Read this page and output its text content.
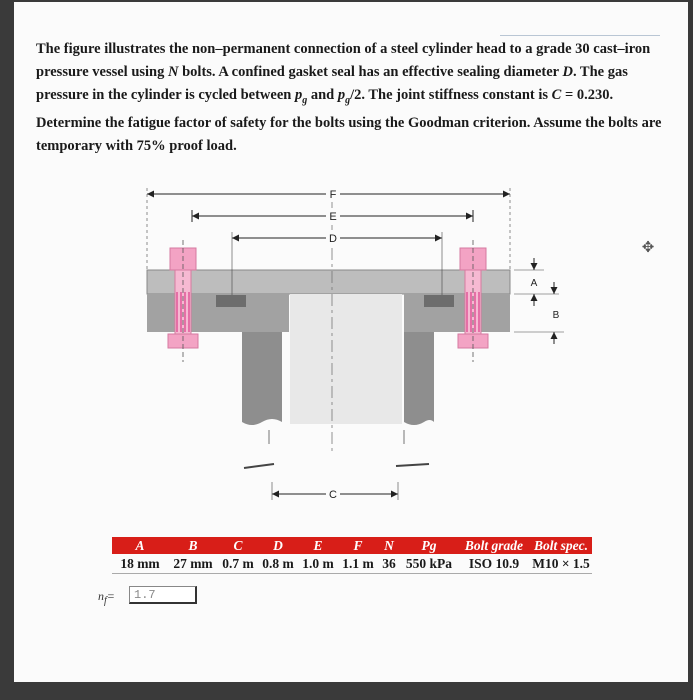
The figure illustrates the non–permanent connection of a steel cylinder head to a grade 30 cast–iron pressure vessel using N bolts. A confined gasket seal has an effective sealing diameter D. The gas pressure in the cylinder is cycled between $p_g$ and $p_g/2$. The joint stiffness constant is C = 0.230. Determine the fatigue factor of safety for the bolts using the Goodman criterion. Assume the bolts are temporary with 75% proof load.
F
E
D
A
B
C
✥
A	B	C	D	E	F	N	Pg	Bolt grade Bolt spec.
18 mm	27 mm 0.7 m 0.8 m 1.0 m 1.1 m 36 550 kPa	ISO 10.9 M10 × 1.5
$n_f=$
1.7
